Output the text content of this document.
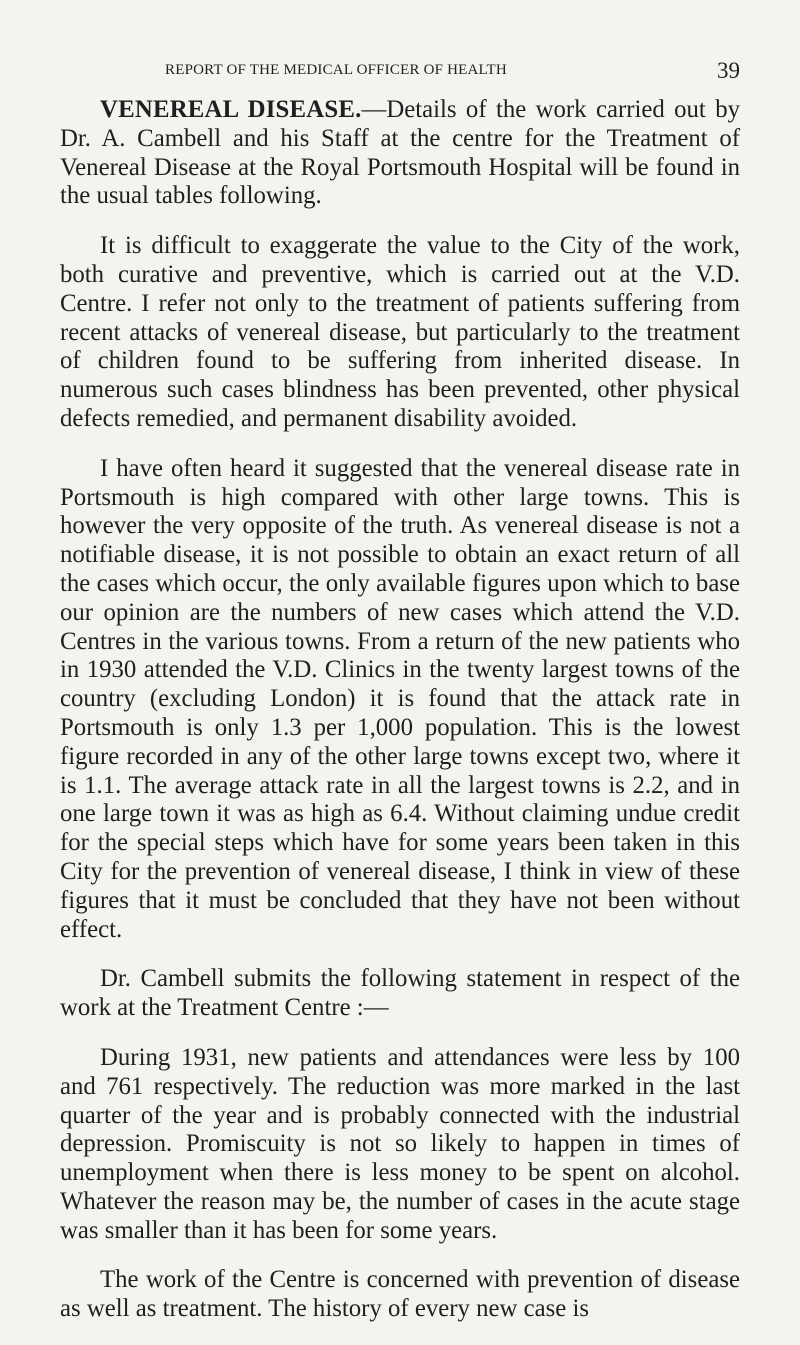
REPORT OF THE MEDICAL OFFICER OF HEALTH	39

VENEREAL DISEASE.—Details of the work carried out by Dr. A. Cambell and his Staff at the centre for the Treatment of Venereal Disease at the Royal Portsmouth Hospital will be found in the usual tables following.

It is difficult to exaggerate the value to the City of the work, both curative and preventive, which is carried out at the V.D. Centre. I refer not only to the treatment of patients suffering from recent attacks of venereal disease, but particularly to the treatment of children found to be suffering from inherited disease. In numerous such cases blindness has been prevented, other physical defects remedied, and permanent disability avoided.

I have often heard it suggested that the venereal disease rate in Portsmouth is high compared with other large towns. This is however the very opposite of the truth. As venereal disease is not a notifiable disease, it is not possible to obtain an exact return of all the cases which occur, the only available figures upon which to base our opinion are the numbers of new cases which attend the V.D. Centres in the various towns. From a return of the new patients who in 1930 attended the V.D. Clinics in the twenty largest towns of the country (excluding London) it is found that the attack rate in Portsmouth is only 1.3 per 1,000 population. This is the lowest figure recorded in any of the other large towns except two, where it is 1.1. The average attack rate in all the largest towns is 2.2, and in one large town it was as high as 6.4. Without claiming undue credit for the special steps which have for some years been taken in this City for the prevention of venereal disease, I think in view of these figures that it must be concluded that they have not been without effect.

Dr. Cambell submits the following statement in respect of the work at the Treatment Centre :—

During 1931, new patients and attendances were less by 100 and 761 respectively. The reduction was more marked in the last quarter of the year and is probably connected with the industrial depression. Promiscuity is not so likely to happen in times of unemployment when there is less money to be spent on alcohol. Whatever the reason may be, the number of cases in the acute stage was smaller than it has been for some years.

The work of the Centre is concerned with prevention of disease as well as treatment. The history of every new case is
